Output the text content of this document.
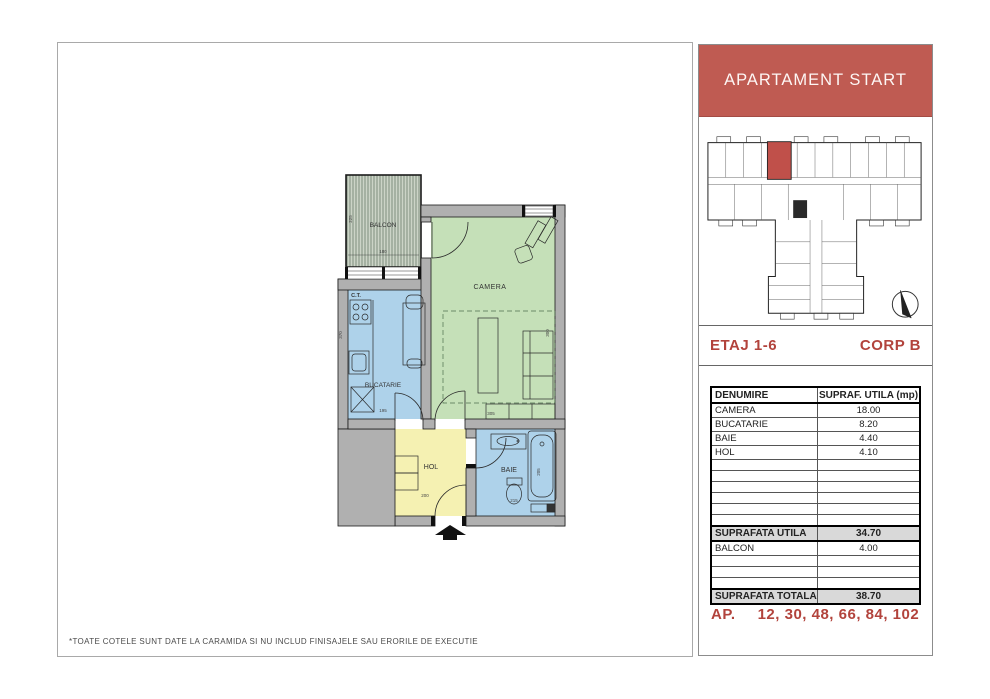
BALCON
CAMERA
BUCATARIE
HOL	BAIE
C.T.
180
225
370
195
305
300
200
215
205
*TOATE COTELE SUNT DATE LA CARAMIDA SI NU INCLUD FINISAJELE SAU ERORILE DE EXECUTIE
APARTAMENT START
ETAJ 1-6	CORP B
DENUMIRE	SUPRAF. UTILA (mp)
CAMERA	18.00
BUCATARIE	8.20
BAIE	4.40
HOL	4.10

SUPRAFATA UTILA	34.70
BALCON	4.00

SUPRAFATA TOTALA	38.70
AP. 12, 30, 48, 66, 84, 102
